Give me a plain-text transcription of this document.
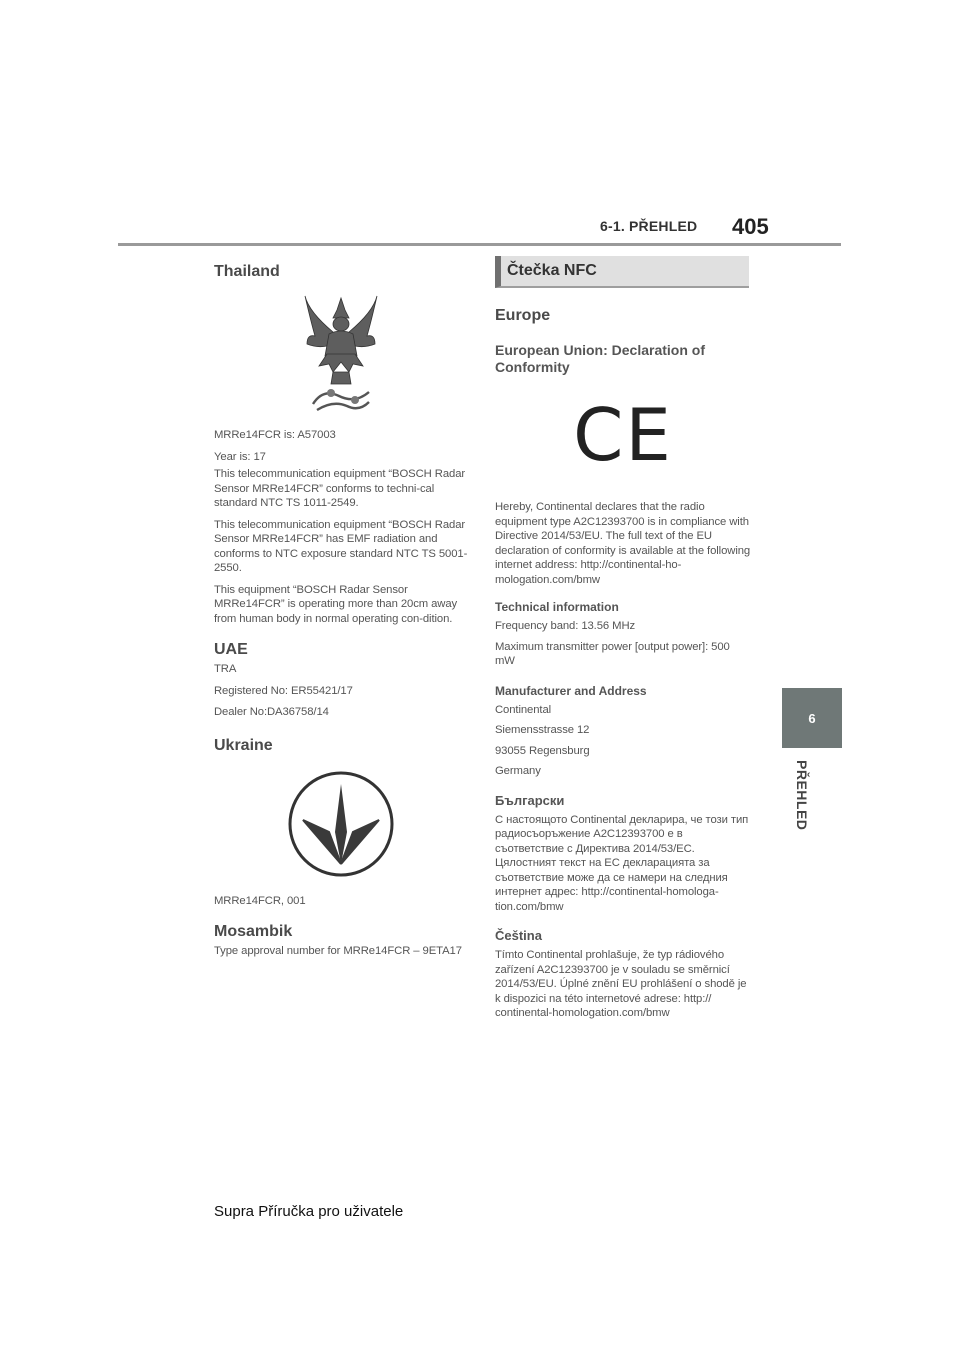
6-1. PŘEHLED 405
6
PŘEHLED
Thailand

MRRe14FCR is: A57003

Year is: 17

This telecommunication equipment “BOSCH Radar Sensor MRRe14FCR” conforms to techni-cal standard NTC TS 1011-2549.

This telecommunication equipment “BOSCH Radar Sensor MRRe14FCR” has EMF radiation and conforms to NTC exposure standard NTC TS 5001-2550.

This equipment “BOSCH Radar Sensor MRRe14FCR” is operating more than 20cm away from human body in normal operating con-dition.

UAE

TRA

Registered No: ER55421/17

Dealer No:DA36758/14

Ukraine

MRRe14FCR, 001

Mosambik

Type approval number for MRRe14FCR – 9ETA17

Čtečka NFC
Europe
European Union: Declaration of Conformity
CE

Hereby, Continental declares that the radio equipment type A2C12393700 is in compliance with Directive 2014/53/EU. The full text of the EU declaration of conformity is available at the following internet address: http://continental-ho-mologation.com/bmw

Technical information

Frequency band: 13.56 MHz

Maximum transmitter power [output power]: 500 mW

Manufacturer and Address

Continental

Siemensstrasse 12

93055 Regensburg

Germany

Български

С настоящото Continental декларира, че този тип радиосъоръжение A2C12393700 е в съответствие с Директива 2014/53/ЕС. Цялостният текст на ЕС декларацията за съответствие може да се намери на следния интернет адрес: http://continental-homologa-tion.com/bmw

Čeština

Tímto Continental prohlašuje, že typ rádiového zařízení A2C12393700 je v souladu se směrnicí 2014/53/EU. Úplné znění EU prohlášení o shodě je k dispozici na této internetové adrese: http:// continental-homologation.com/bmw

Supra Příručka pro uživatele
